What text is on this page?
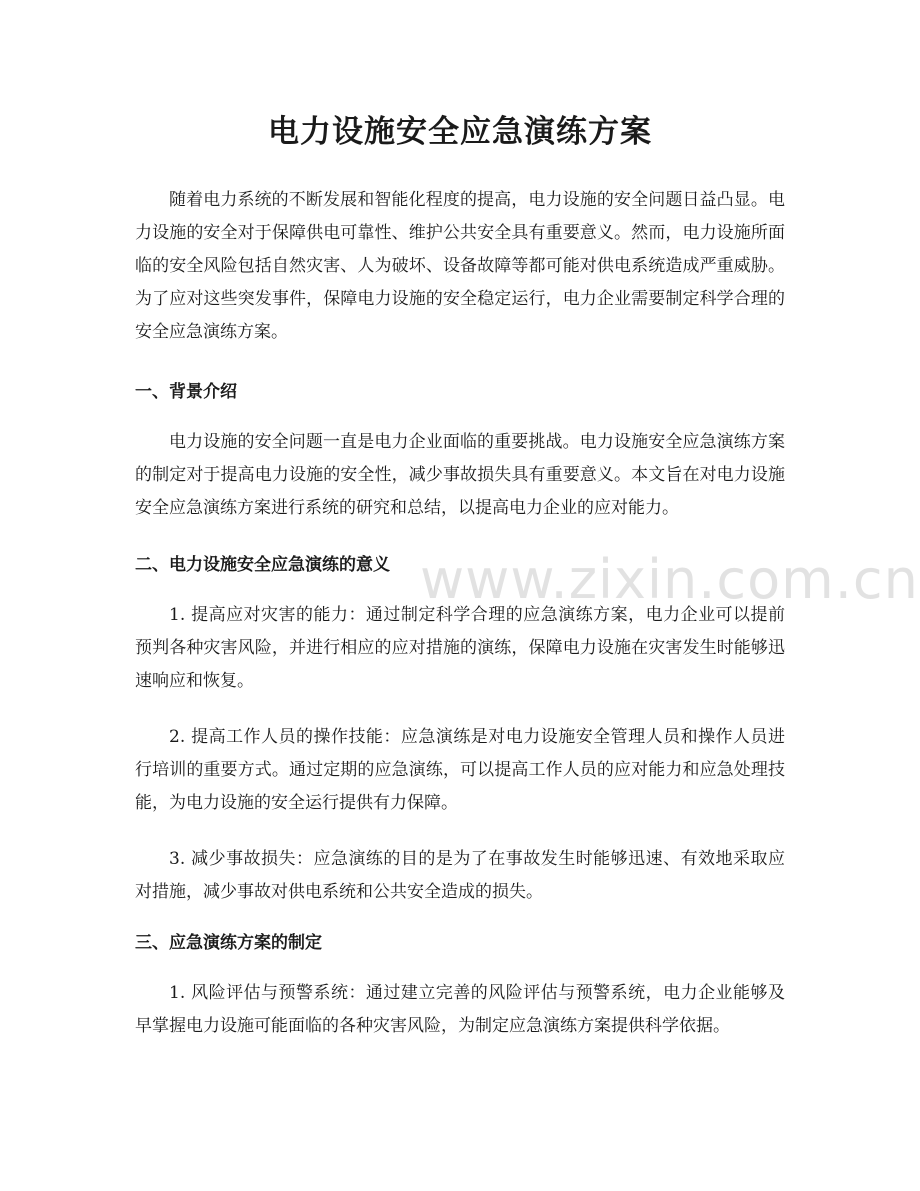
电力设施安全应急演练方案

随着电力系统的不断发展和智能化程度的提高，电力设施的安全问题日益凸显。电力设施的安全对于保障供电可靠性、维护公共安全具有重要意义。然而，电力设施所面临的安全风险包括自然灾害、人为破坏、设备故障等都可能对供电系统造成严重威胁。为了应对这些突发事件，保障电力设施的安全稳定运行，电力企业需要制定科学合理的安全应急演练方案。

一、背景介绍

电力设施的安全问题一直是电力企业面临的重要挑战。电力设施安全应急演练方案的制定对于提高电力设施的安全性，减少事故损失具有重要意义。本文旨在对电力设施安全应急演练方案进行系统的研究和总结，以提高电力企业的应对能力。

二、电力设施安全应急演练的意义

1. 提高应对灾害的能力：通过制定科学合理的应急演练方案，电力企业可以提前预判各种灾害风险，并进行相应的应对措施的演练，保障电力设施在灾害发生时能够迅速响应和恢复。

2. 提高工作人员的操作技能：应急演练是对电力设施安全管理人员和操作人员进行培训的重要方式。通过定期的应急演练，可以提高工作人员的应对能力和应急处理技能，为电力设施的安全运行提供有力保障。

3. 减少事故损失：应急演练的目的是为了在事故发生时能够迅速、有效地采取应对措施，减少事故对供电系统和公共安全造成的损失。

三、应急演练方案的制定

1. 风险评估与预警系统：通过建立完善的风险评估与预警系统，电力企业能够及早掌握电力设施可能面临的各种灾害风险，为制定应急演练方案提供科学依据。

www.zixin.com.cn
